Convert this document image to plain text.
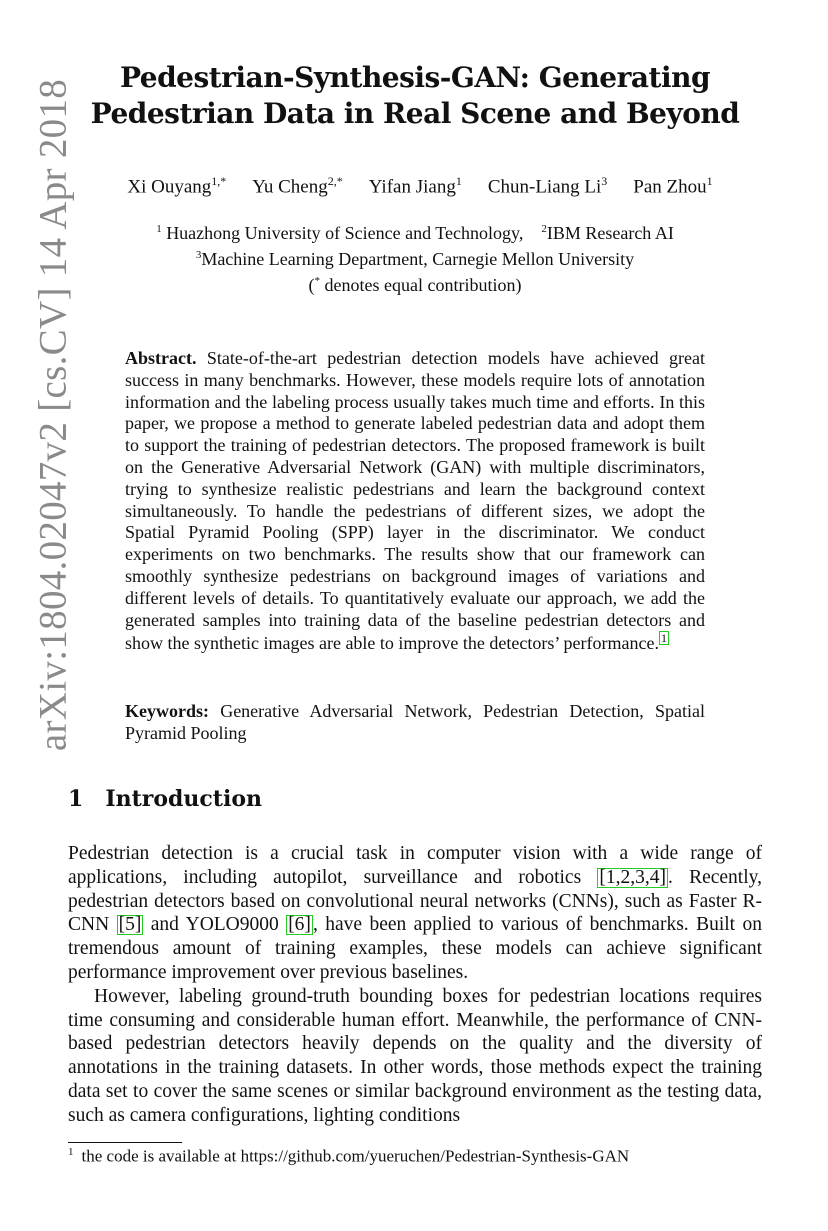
arXiv:1804.02047v2 [cs.CV] 14 Apr 2018
Pedestrian-Synthesis-GAN: Generating
Pedestrian Data in Real Scene and Beyond
Xi Ouyang$^{1,*}$ Yu Cheng$^{2,*}$ Yifan Jiang$^1$ Chun-Liang Li$^3$ Pan Zhou$^1$
$^1$ Huazhong University of Science and Technology, $^2$IBM Research AI
$^3$Machine Learning Department, Carnegie Mellon University
(* denotes equal contribution)
Abstract. State-of-the-art pedestrian detection models have achieved great success in many benchmarks. However, these models require lots of annotation information and the labeling process usually takes much time and efforts. In this paper, we propose a method to generate labeled pedestrian data and adopt them to support the training of pedestrian detectors. The proposed framework is built on the Generative Adversarial Network (GAN) with multiple discriminators, trying to synthesize realistic pedestrians and learn the background context simultaneously. To handle the pedestrians of different sizes, we adopt the Spatial Pyramid Pooling (SPP) layer in the discriminator. We conduct experiments on two benchmarks. The results show that our framework can smoothly synthesize pedestrians on background images of variations and different levels of details. To quantitatively evaluate our approach, we add the generated samples into training data of the baseline pedestrian detectors and show the synthetic images are able to improve the detectors’ performance. 1
Keywords: Generative Adversarial Network, Pedestrian Detection, Spatial Pyramid Pooling
1 Introduction

Pedestrian detection is a crucial task in computer vision with a wide range of applications, including autopilot, surveillance and robotics [1,2,3,4] . Recently, pedestrian detectors based on convolutional neural networks (CNNs), such as Faster R-CNN [5] and YOLO9000 [6] , have been applied to various of benchmarks. Built on tremendous amount of training examples, these models can achieve significant performance improvement over previous baselines.

However, labeling ground-truth bounding boxes for pedestrian locations requires time consuming and considerable human effort. Meanwhile, the performance of CNN-based pedestrian detectors heavily depends on the quality and the diversity of annotations in the training datasets. In other words, those methods expect the training data set to cover the same scenes or similar background environment as the testing data, such as camera configurations, lighting conditions

$^1$ the code is available at https://github.com/yueruchen/Pedestrian-Synthesis-GAN
